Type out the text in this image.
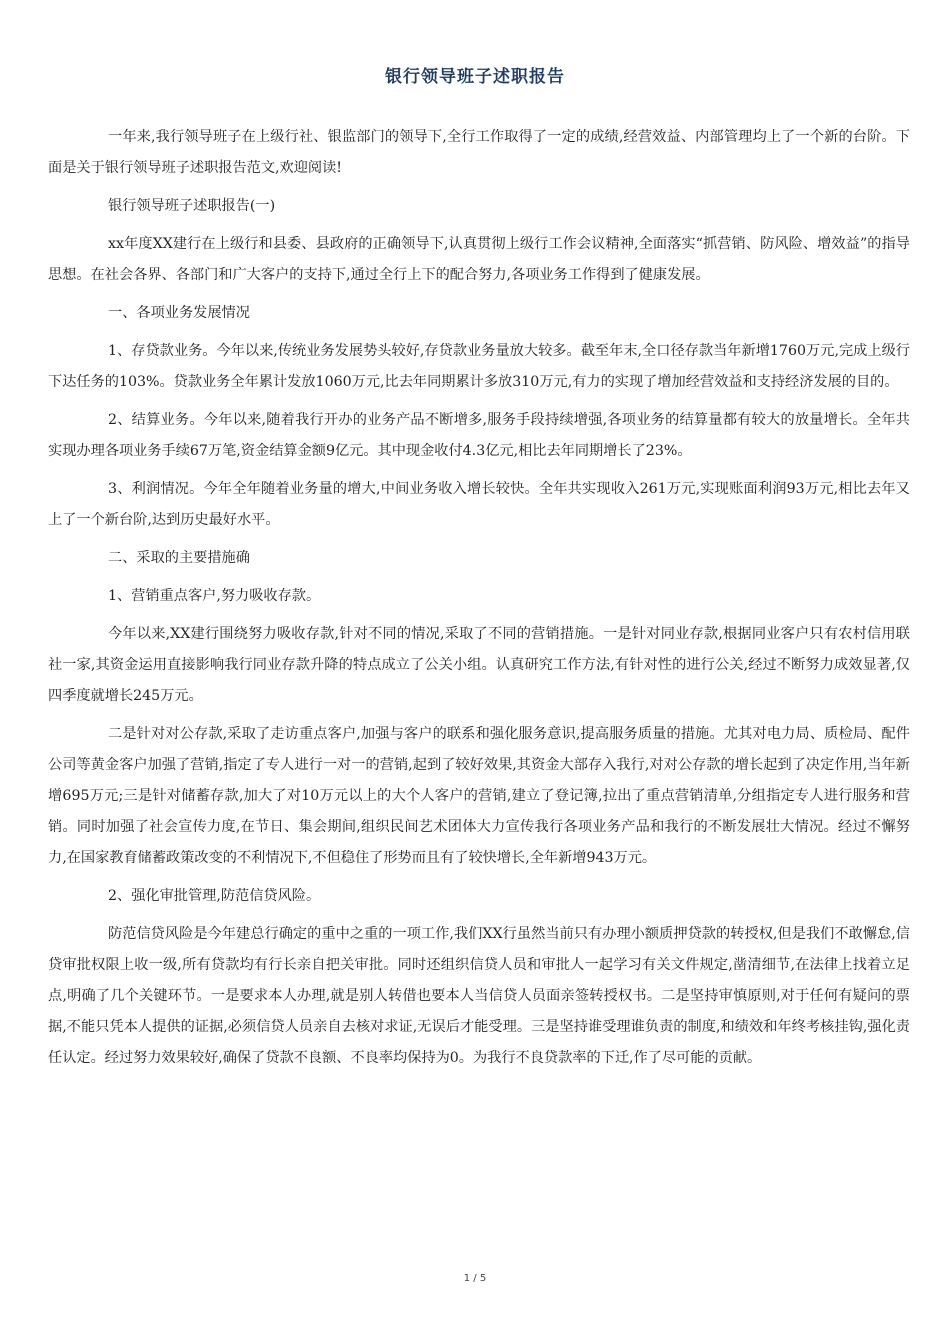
银行领导班子述职报告

一年来,我行领导班子在上级行社、银监部门的领导下,全行工作取得了一定的成绩,经营效益、内部管理均上了一个新的台阶。下面是关于银行领导班子述职报告范文,欢迎阅读!

银行领导班子述职报告(一)

xx年度XX建行在上级行和县委、县政府的正确领导下,认真贯彻上级行工作会议精神,全面落实“抓营销、防风险、增效益”的指导思想。在社会各界、各部门和广大客户的支持下,通过全行上下的配合努力,各项业务工作得到了健康发展。

一、各项业务发展情况

1、存贷款业务。今年以来,传统业务发展势头较好,存贷款业务量放大较多。截至年末,全口径存款当年新增1760万元,完成上级行下达任务的103%。贷款业务全年累计发放1060万元,比去年同期累计多放310万元,有力的实现了增加经营效益和支持经济发展的目的。

2、结算业务。今年以来,随着我行开办的业务产品不断增多,服务手段持续增强,各项业务的结算量都有较大的放量增长。全年共实现办理各项业务手续67万笔,资金结算金额9亿元。其中现金收付4.3亿元,相比去年同期增长了23%。

3、利润情况。今年全年随着业务量的增大,中间业务收入增长较快。全年共实现收入261万元,实现账面利润93万元,相比去年又上了一个新台阶,达到历史最好水平。

二、采取的主要措施确

1、营销重点客户,努力吸收存款。

今年以来,XX建行围绕努力吸收存款,针对不同的情况,采取了不同的营销措施。一是针对同业存款,根据同业客户只有农村信用联社一家,其资金运用直接影响我行同业存款升降的特点成立了公关小组。认真研究工作方法,有针对性的进行公关,经过不断努力成效显著,仅四季度就增长245万元。

二是针对对公存款,采取了走访重点客户,加强与客户的联系和强化服务意识,提高服务质量的措施。尤其对电力局、质检局、配件公司等黄金客户加强了营销,指定了专人进行一对一的营销,起到了较好效果,其资金大部存入我行,对对公存款的增长起到了决定作用,当年新增695万元;三是针对储蓄存款,加大了对10万元以上的大个人客户的营销,建立了登记簿,拉出了重点营销清单,分组指定专人进行服务和营销。同时加强了社会宣传力度,在节日、集会期间,组织民间艺术团体大力宣传我行各项业务产品和我行的不断发展壮大情况。经过不懈努力,在国家教育储蓄政策改变的不利情况下,不但稳住了形势而且有了较快增长,全年新增943万元。

2、强化审批管理,防范信贷风险。

防范信贷风险是今年建总行确定的重中之重的一项工作,我们XX行虽然当前只有办理小额质押贷款的转授权,但是我们不敢懈怠,信贷审批权限上收一级,所有贷款均有行长亲自把关审批。同时还组织信贷人员和审批人一起学习有关文件规定,凿清细节,在法律上找着立足点,明确了几个关键环节。一是要求本人办理,就是别人转借也要本人当信贷人员面亲签转授权书。二是坚持审慎原则,对于任何有疑问的票据,不能只凭本人提供的证据,必须信贷人员亲自去核对求证,无误后才能受理。三是坚持谁受理谁负责的制度,和绩效和年终考核挂钩,强化责任认定。经过努力效果较好,确保了贷款不良额、不良率均保持为0。为我行不良贷款率的下迁,作了尽可能的贡献。

1 / 5
